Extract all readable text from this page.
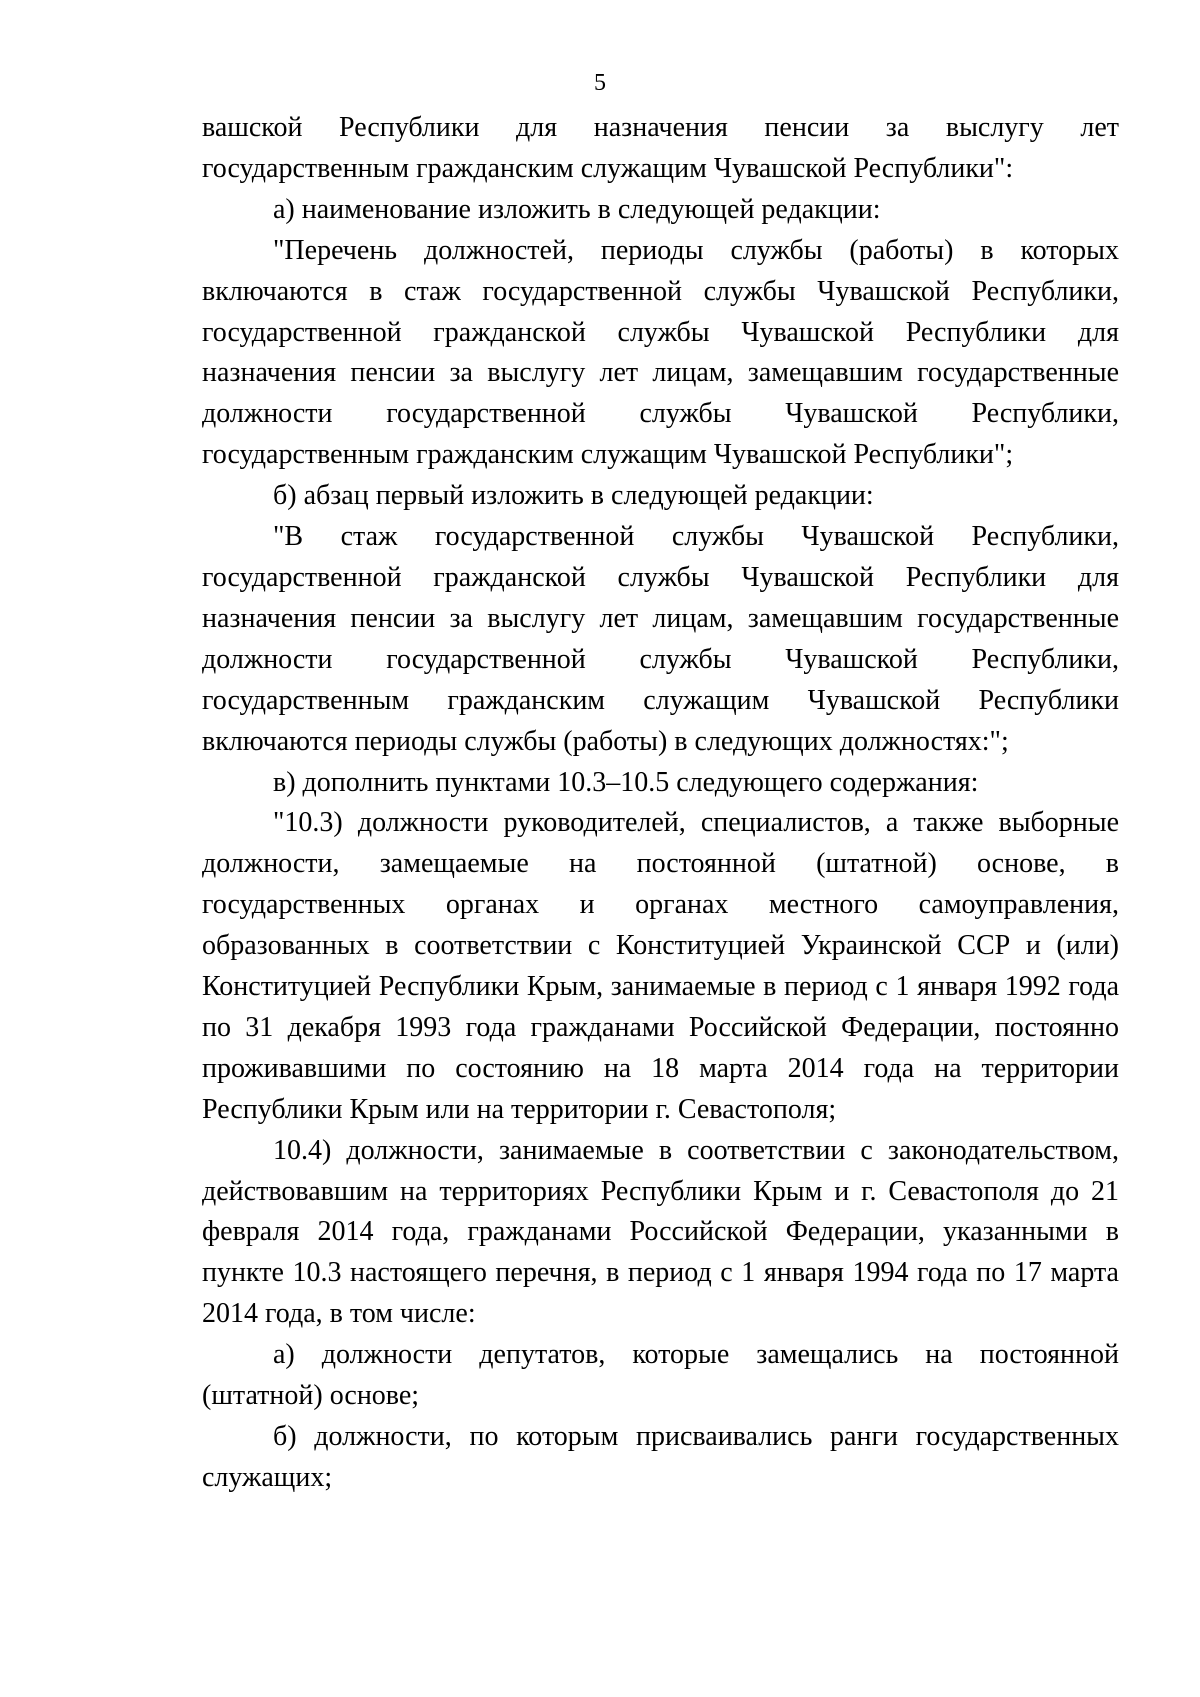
5

вашской Республики для назначения пенсии за выслугу лет государственным гражданским служащим Чувашской Республики":

а) наименование изложить в следующей редакции:

"Перечень должностей, периоды службы (работы) в которых включаются в стаж государственной службы Чувашской Республики, государственной гражданской службы Чувашской Республики для назначения пенсии за выслугу лет лицам, замещавшим государственные должности государственной службы Чувашской Республики, государственным гражданским служащим Чувашской Республики";

б) абзац первый изложить в следующей редакции:

"В стаж государственной службы Чувашской Республики, государственной гражданской службы Чувашской Республики для назначения пенсии за выслугу лет лицам, замещавшим государственные должности государственной службы Чувашской Республики, государственным гражданским служащим Чувашской Республики включаются периоды службы (работы) в следующих должностях:";

в) дополнить пунктами 10.3–10.5 следующего содержания:

"10.3) должности руководителей, специалистов, а также выборные должности, замещаемые на постоянной (штатной) основе, в государственных органах и органах местного самоуправления, образованных в соответствии с Конституцией Украинской ССР и (или) Конституцией Республики Крым, занимаемые в период с 1 января 1992 года по 31 декабря 1993 года гражданами Российской Федерации, постоянно проживавшими по состоянию на 18 марта 2014 года на территории Республики Крым или на территории г. Севастополя;

10.4) должности, занимаемые в соответствии с законодательством, действовавшим на территориях Республики Крым и г. Севастополя до 21 февраля 2014 года, гражданами Российской Федерации, указанными в пункте 10.3 настоящего перечня, в период с 1 января 1994 года по 17 марта 2014 года, в том числе:

а) должности депутатов, которые замещались на постоянной (штатной) основе;

б) должности, по которым присваивались ранги государственных служащих;
